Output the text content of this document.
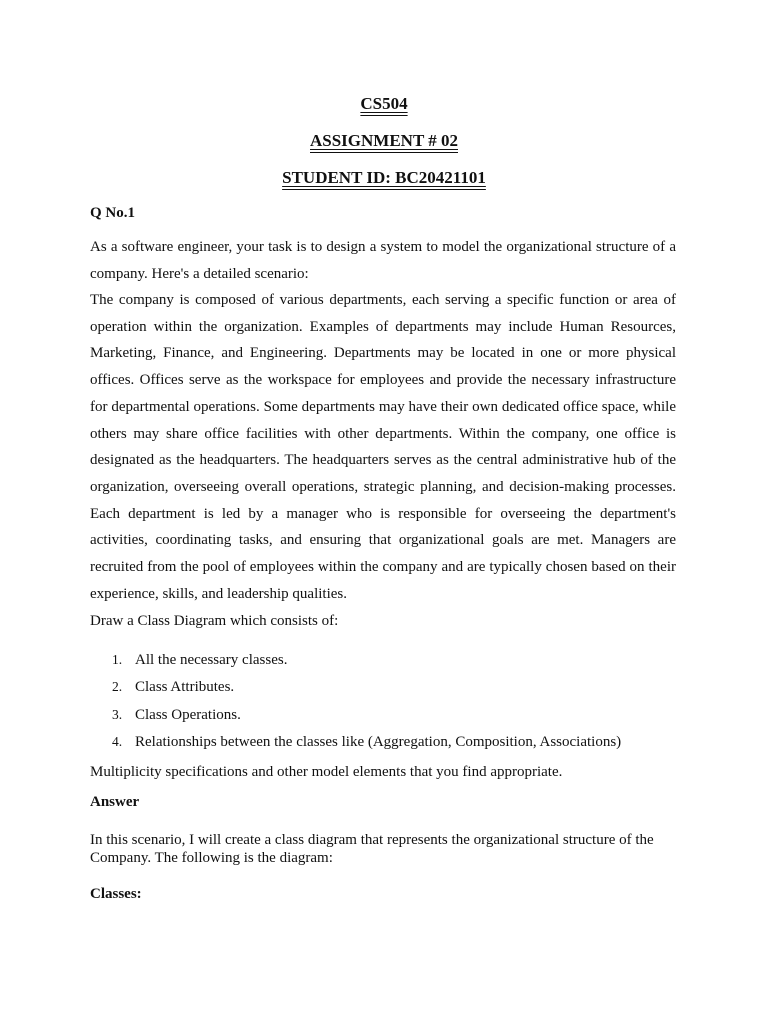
CS504
ASSIGNMENT # 02
STUDENT ID: BC20421101
Q No.1
As a software engineer, your task is to design a system to model the organizational structure of a company. Here's a detailed scenario:
The company is composed of various departments, each serving a specific function or area of operation within the organization. Examples of departments may include Human Resources, Marketing, Finance, and Engineering. Departments may be located in one or more physical offices. Offices serve as the workspace for employees and provide the necessary infrastructure for departmental operations. Some departments may have their own dedicated office space, while others may share office facilities with other departments. Within the company, one office is designated as the headquarters. The headquarters serves as the central administrative hub of the organization, overseeing overall operations, strategic planning, and decision-making processes. Each department is led by a manager who is responsible for overseeing the department's activities, coordinating tasks, and ensuring that organizational goals are met. Managers are recruited from the pool of employees within the company and are typically chosen based on their experience, skills, and leadership qualities.
Draw a Class Diagram which consists of:
1. All the necessary classes.
2. Class Attributes.
3. Class Operations.
4. Relationships between the classes like (Aggregation, Composition, Associations)
Multiplicity specifications and other model elements that you find appropriate.
Answer
In this scenario, I will create a class diagram that represents the organizational structure of the Company. The following is the diagram:
Classes:
